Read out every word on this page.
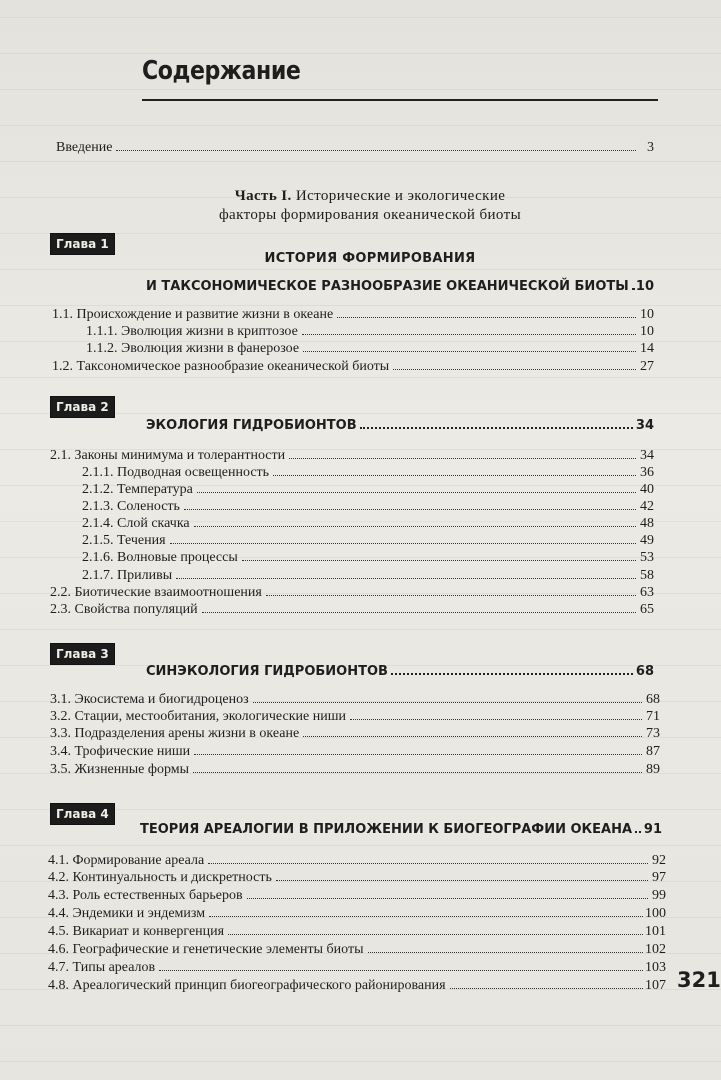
Содержание
Введение	3
Часть I. Исторические и экологические
факторы формирования океанической биоты
Глава 1
ИСТОРИЯ ФОРМИРОВАНИЯ
И ТАКСОНОМИЧЕСКОЕ РАЗНООБРАЗИЕ ОКЕАНИЧЕСКОЙ БИОТЫ 10
1.1. Происхождение и развитие жизни в океане	10
1.1.1. Эволюция жизни в криптозое	10
1.1.2. Эволюция жизни в фанерозое	14
1.2. Таксономическое разнообразие океанической биоты	27
Глава 2
ЭКОЛОГИЯ ГИДРОБИОНТОВ	34
2.1. Законы минимума и толерантности	34
2.1.1. Подводная освещенность	36
2.1.2. Температура	40
2.1.3. Соленость	42
2.1.4. Слой скачка	48
2.1.5. Течения	49
2.1.6. Волновые процессы	53
2.1.7. Приливы	58
2.2. Биотические взаимоотношения	63
2.3. Свойства популяций	65
Глава 3
СИНЭКОЛОГИЯ ГИДРОБИОНТОВ	68
3.1. Экосистема и биогидроценоз	68
3.2. Стации, местообитания, экологические ниши	71
3.3. Подразделения арены жизни в океане	73
3.4. Трофические ниши	87
3.5. Жизненные формы	89
Глава 4
ТЕОРИЯ АРЕАЛОГИИ В ПРИЛОЖЕНИИ К БИОГЕОГРАФИИ ОКЕАНА 91
4.1. Формирование ареала	92
4.2. Континуальность и дискретность	97
4.3. Роль естественных барьеров	99
4.4. Эндемики и эндемизм	100
4.5. Викариат и конвергенция	101
4.6. Географические и генетические элементы биоты	102
4.7. Типы ареалов	103
4.8. Ареалогический принцип биогеографического районирования	107 321
